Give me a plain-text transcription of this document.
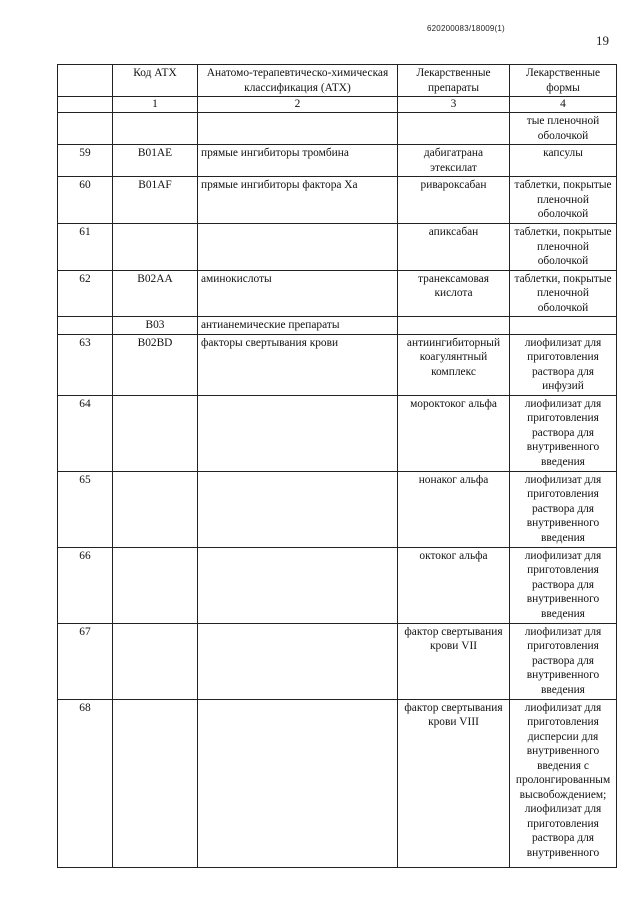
620200083/18009(1)
19
	Код АТХ	Анатомо-терапевтическо-химическая классификация (АТХ)	Лекарственные препараты	Лекарственные формы
	1	2	3	4
				тые пленочной оболочкой
59	B01AE	прямые ингибиторы тромбина	дабигатрана этексилат	капсулы
60	B01AF	прямые ингибиторы фактора Ха	ривароксабан	таблетки, покрытые пленочной оболочкой
61			апиксабан	таблетки, покрытые пленочной оболочкой
62	B02AA	аминокислоты	транексамовая кислота	таблетки, покрытые пленочной оболочкой
	B03	антианемические препараты		
63	B02BD	факторы свертывания крови	антиингибиторный коагулянтный комплекс	лиофилизат для приготовления раствора для инфузий
64			мороктоког альфа	лиофилизат для приготовления раствора для внутривенного введения
65			нонаког альфа	лиофилизат для приготовления раствора для внутривенного введения
66			октоког альфа	лиофилизат для приготовления раствора для внутривенного введения
67			фактор свертывания крови VII	лиофилизат для приготовления раствора для внутривенного введения
68			фактор свертывания крови VIII	лиофилизат для приготовления дисперсии для внутривенного введения с пролонгированным высвобождением; лиофилизат для приготовления раствора для внутривенного
